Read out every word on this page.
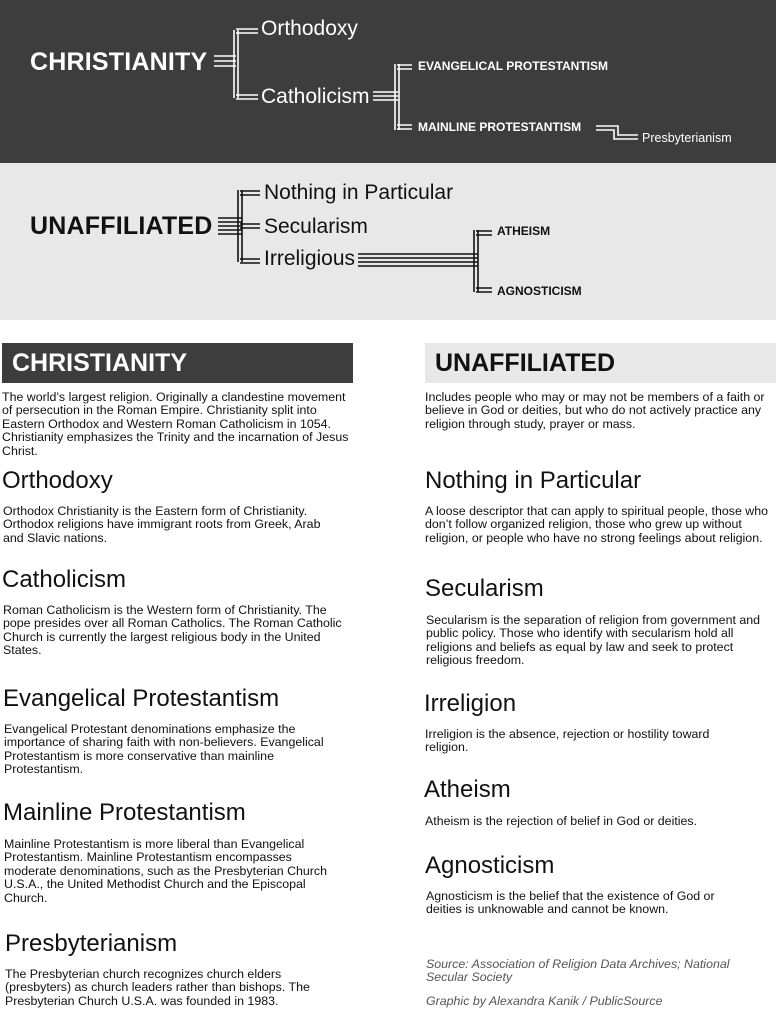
CHRISTIANITY
Orthodoxy
Catholicism
EVANGELICAL PROTESTANTISM
MAINLINE PROTESTANTISM
Presbyterianism
UNAFFILIATED
Nothing in Particular
Secularism
Irreligious
ATHEISM
AGNOSTICISM
CHRISTIANITY
The world’s largest religion. Originally a clandestine movement of persecution in the Roman Empire. Christianity split into Eastern Orthodox and Western Roman Catholicism in 1054. Christianity emphasizes the Trinity and the incarnation of Jesus Christ.
Orthodoxy
Orthodox Christianity is the Eastern form of Christianity. Orthodox religions have immigrant roots from Greek, Arab and Slavic nations.
Catholicism
Roman Catholicism is the Western form of Christianity. The pope presides over all Roman Catholics. The Roman Catholic Church is currently the largest religious body in the United States.
Evangelical Protestantism
Evangelical Protestant denominations emphasize the importance of sharing faith with non-believers. Evangelical Protestantism is more conservative than mainline Protestantism.
Mainline Protestantism
Mainline Protestantism is more liberal than Evangelical Protestantism. Mainline Protestantism encompasses moderate denominations, such as the Presbyterian Church U.S.A., the United Methodist Church and the Episcopal Church.
Presbyterianism
The Presbyterian church recognizes church elders (presbyters) as church leaders rather than bishops. The Presbyterian Church U.S.A. was founded in 1983.
UNAFFILIATED
Includes people who may or may not be members of a faith or believe in God or deities, but who do not actively practice any religion through study, prayer or mass.
Nothing in Particular
A loose descriptor that can apply to spiritual people, those who don’t follow organized religion, those who grew up without religion, or people who have no strong feelings about religion.
Secularism
Secularism is the separation of religion from government and public policy. Those who identify with secularism hold all religions and beliefs as equal by law and seek to protect religious freedom.
Irreligion
Irreligion is the absence, rejection or hostility toward religion.
Atheism
Atheism is the rejection of belief in God or deities.
Agnosticism
Agnosticism is the belief that the existence of God or deities is unknowable and cannot be known.
Source: Association of Religion Data Archives; National Secular Society
Graphic by Alexandra Kanik / PublicSource
